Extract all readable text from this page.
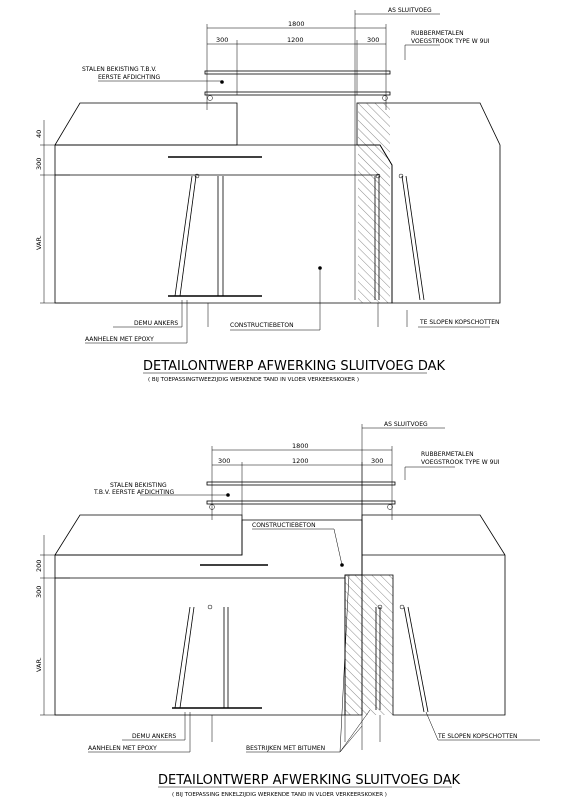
AS SLUITVOEG
1800
300	1200	300
RUBBERMETALEN
VOEGSTROOK TYPE W 9UI
STALEN BEKISTING T.B.V.
EERSTE AFDICHTING
40
300
VAR.
DEMU ANKERS
AANHELEN MET EPOXY
CONSTRUCTIEBETON	TE SLOPEN KOPSCHOTTEN
DETAILONTWERP AFWERKING SLUITVOEG DAK
( BIJ TOEPASSINGTWEEZIJDIG WERKENDE TAND IN VLOER VERKEERSKOKER )
AS SLUITVOEG
1800
300	1200	300
RUBBERMETALEN
VOEGSTROOK TYPE W 9UI
STALEN BEKISTING
T.B.V. EERSTE AFDICHTING
CONSTRUCTIEBETON
200
300
VAR.
DEMU ANKERS
AANHELEN MET EPOXY	BESTRIJKEN MET BITUMEN
TE SLOPEN KOPSCHOTTEN
DETAILONTWERP AFWERKING SLUITVOEG DAK
( BIJ TOEPASSING ENKELZIJDIG WERKENDE TAND IN VLOER VERKEERSKOKER )
